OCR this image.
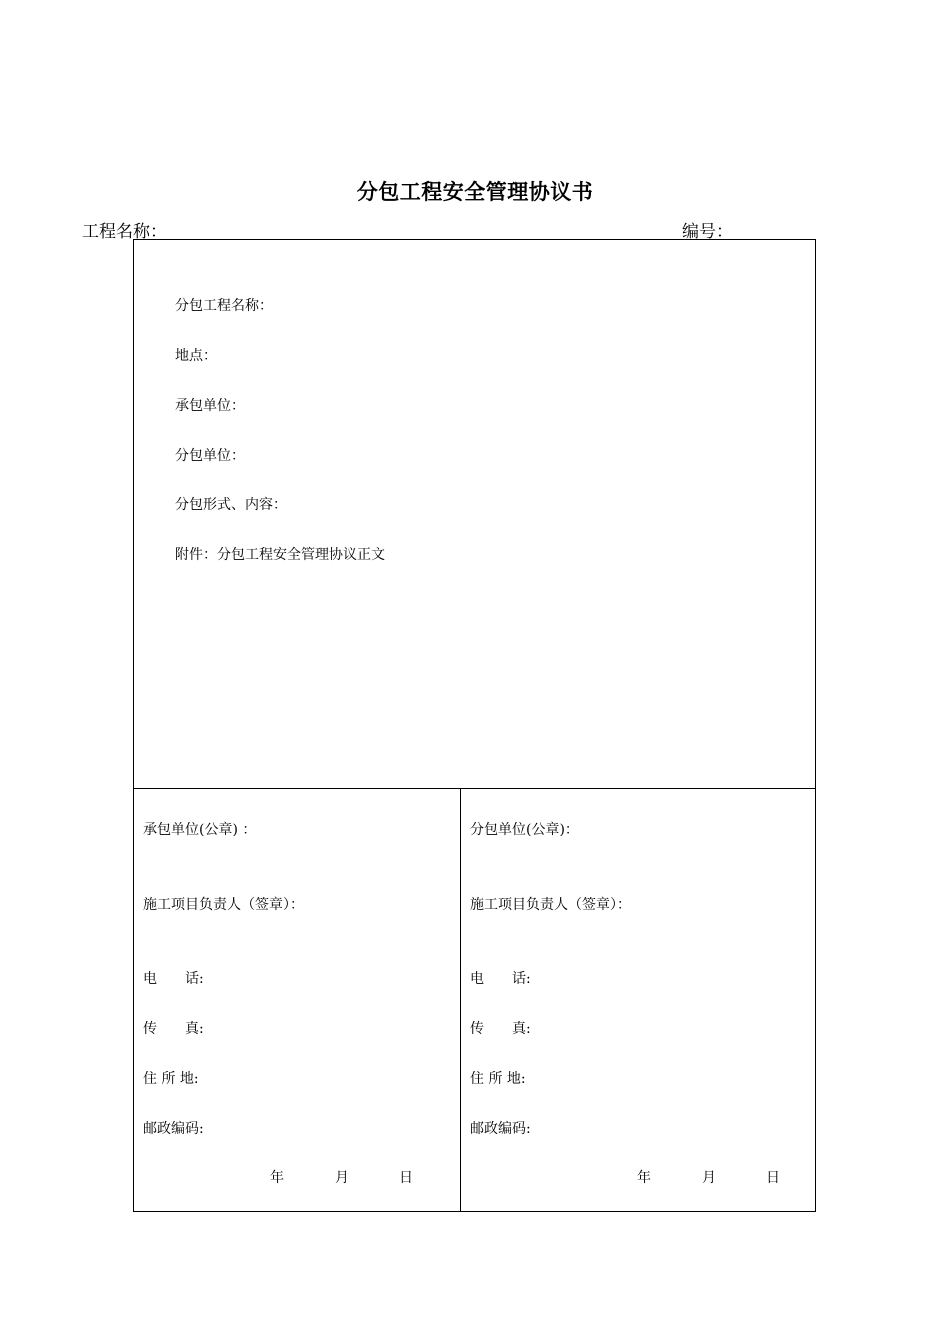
分包工程安全管理协议书
工程名称：	编号：
分包工程名称：
地点：
承包单位：
分包单位：
分包形式、内容：
附件：分包工程安全管理协议正文
承包单位(公章) ：
施工项目负责人（签章）：
电　　话:
传　　真:
住 所 地:
邮政编码:
年	月	日
分包单位(公章)：
施工项目负责人（签章）：
电　　话:
传　　真:
住 所 地:
邮政编码:
年	月	日
